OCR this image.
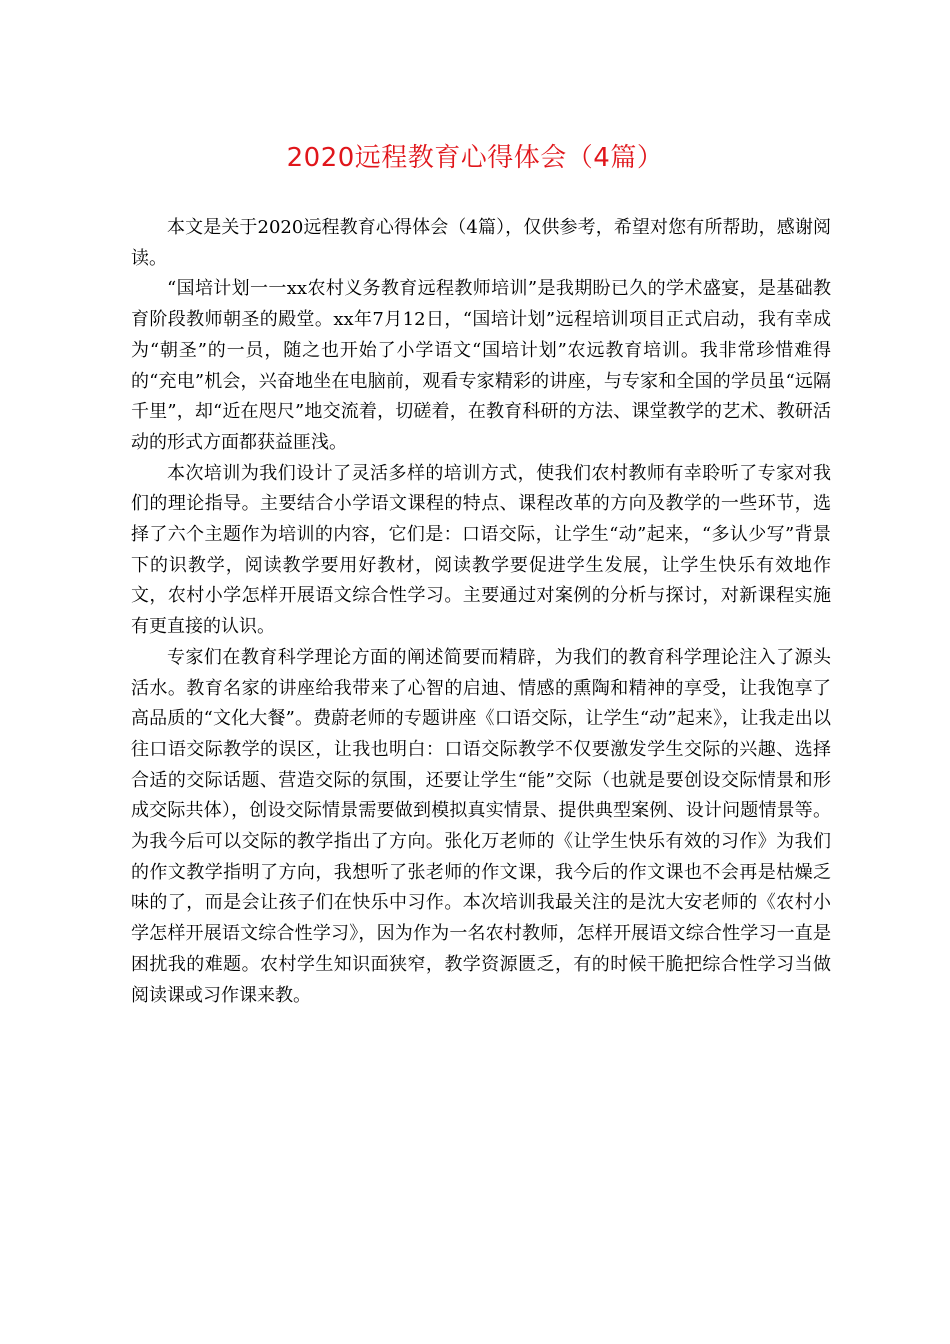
2020远程教育心得体会（4篇）

本文是关于2020远程教育心得体会（4篇），仅供参考，希望对您有所帮助，感谢阅读。

“国培计划一一xx农村义务教育远程教师培训”是我期盼已久的学术盛宴，是基础教育阶段教师朝圣的殿堂。xx年7月12日，“国培计划”远程培训项目正式启动，我有幸成为“朝圣”的一员，随之也开始了小学语文“国培计划”农远教育培训。我非常珍惜难得的“充电”机会，兴奋地坐在电脑前，观看专家精彩的讲座，与专家和全国的学员虽“远隔千里”，却“近在咫尺”地交流着，切磋着，在教育科研的方法、课堂教学的艺术、教研活动的形式方面都获益匪浅。

本次培训为我们设计了灵活多样的培训方式，使我们农村教师有幸聆听了专家对我们的理论指导。主要结合小学语文课程的特点、课程改革的方向及教学的一些环节，选择了六个主题作为培训的内容，它们是：口语交际，让学生“动”起来，“多认少写”背景下的识教学，阅读教学要用好教材，阅读教学要促进学生发展，让学生快乐有效地作文，农村小学怎样开展语文综合性学习。主要通过对案例的分析与探讨，对新课程实施有更直接的认识。

专家们在教育科学理论方面的阐述简要而精辟，为我们的教育科学理论注入了源头活水。教育名家的讲座给我带来了心智的启迪、情感的熏陶和精神的享受，让我饱享了高品质的“文化大餐”。费蔚老师的专题讲座《口语交际，让学生“动”起来》，让我走出以往口语交际教学的误区，让我也明白：口语交际教学不仅要激发学生交际的兴趣、选择合适的交际话题、营造交际的氛围，还要让学生“能”交际（也就是要创设交际情景和形成交际共体），创设交际情景需要做到模拟真实情景、提供典型案例、设计问题情景等。为我今后可以交际的教学指出了方向。张化万老师的《让学生快乐有效的习作》为我们的作文教学指明了方向，我想听了张老师的作文课，我今后的作文课也不会再是枯燥乏味的了，而是会让孩子们在快乐中习作。本次培训我最关注的是沈大安老师的《农村小学怎样开展语文综合性学习》，因为作为一名农村教师，怎样开展语文综合性学习一直是困扰我的难题。农村学生知识面狭窄，教学资源匮乏，有的时候干脆把综合性学习当做阅读课或习作课来教。
